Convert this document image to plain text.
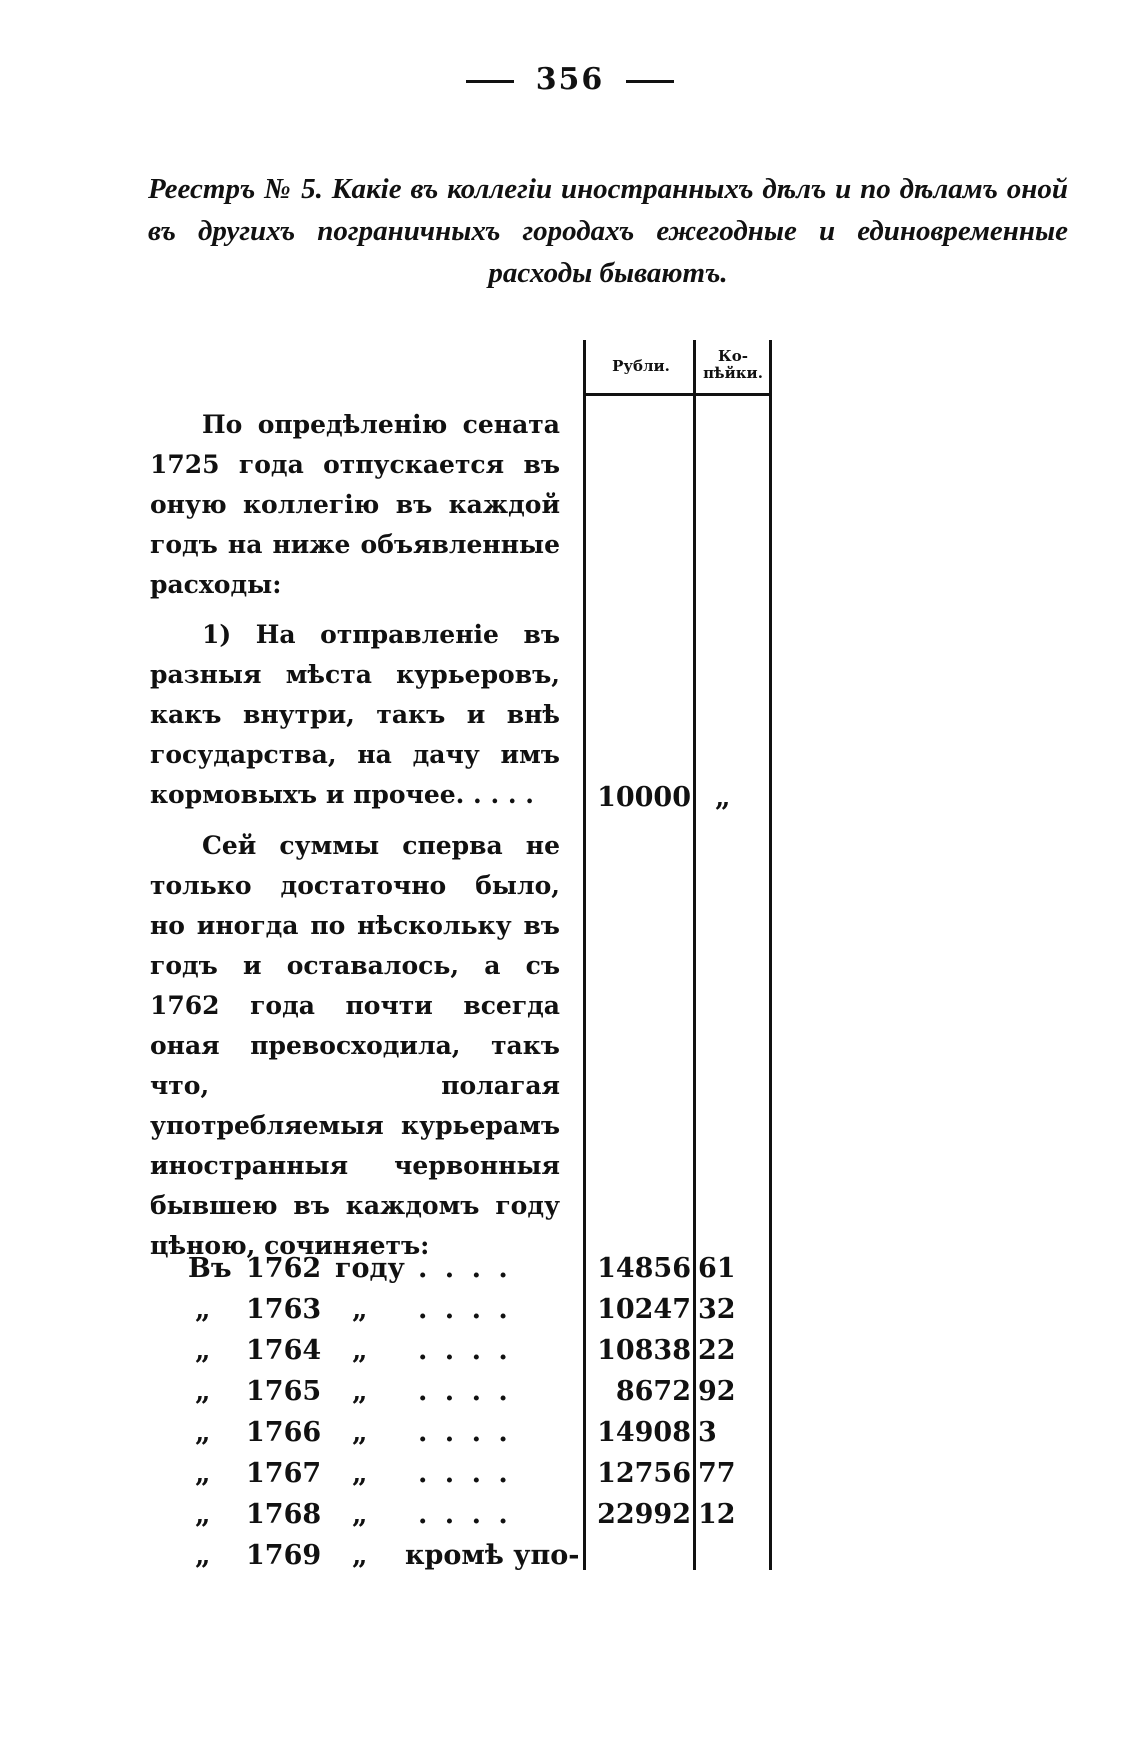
356
Реестръ № 5. Какіе въ коллегіи иностранныхъ дѣлъ и по дѣламъ оной въ другихъ пограничныхъ городахъ ежегодные и единовременные расходы бываютъ.
Рубли.
Ко-
пѣйки.
По опредѣленію сената 1725 года отпускается въ оную коллегію въ каждой годъ на ниже объявленные расходы:
1) На отправленіе въ разныя мѣста курьеровъ, какъ внутри, такъ и внѣ государства, на дачу имъ кормовыхъ и прочее. . . . .	10000 „
Сей суммы сперва не только достаточно было, но иногда по нѣскольку въ годъ и оставалось, а съ 1762 года почти всегда оная превосходила, такъ что, полагая употребляемыя курьерамъ иностранныя червонныя бывшею въ каждомъ году цѣною, сочиняетъ:
Въ 1762 году . . . .	14856 61
„ 1763 „ . . . .	10247 32
„ 1764 „ . . . .	10838 22
„ 1765 „ . . . .	8672 92
„ 1766 „ . . . .	14908 3
„ 1767 „ . . . .	12756 77
„ 1768 „ . . . .	22992 12
„ 1769 „ кромѣ упо-
